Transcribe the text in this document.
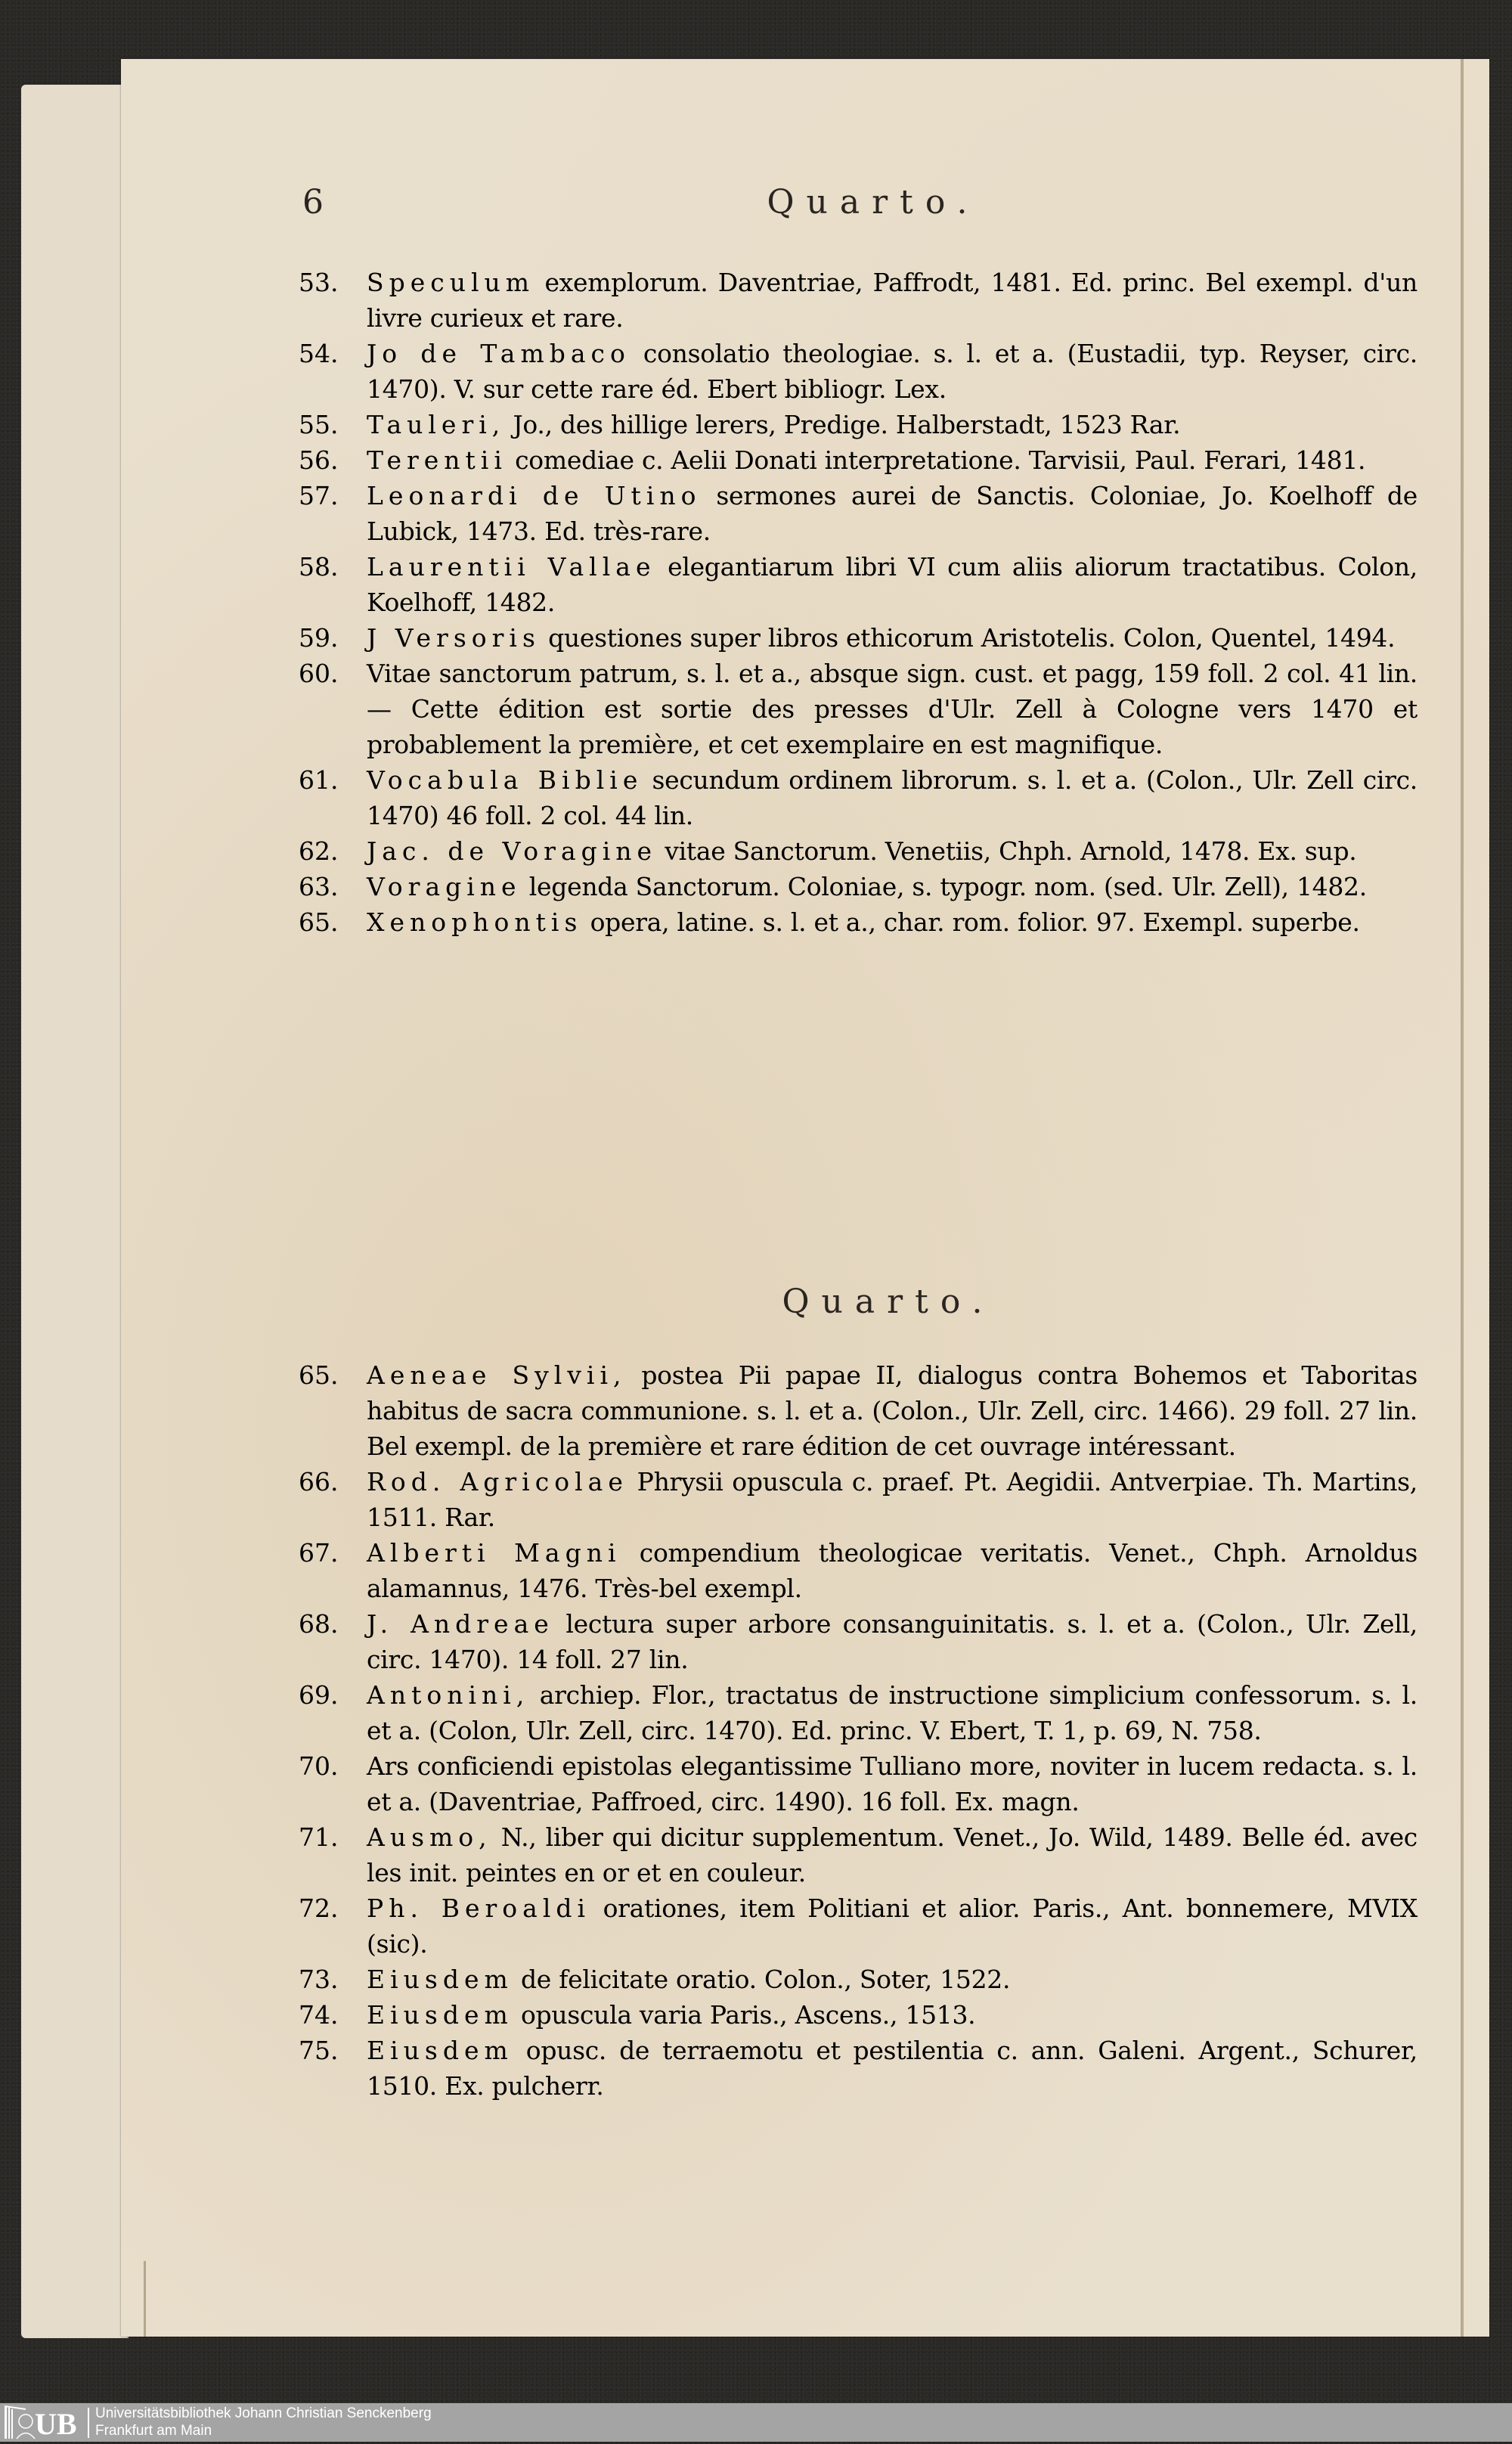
6	Quarto.
53.	Speculum exemplorum. Daventriae, Paffrodt, 1481. Ed. princ. Bel exempl. d'un livre curieux et rare.
54.	Jo de Tambaco consolatio theologiae. s. l. et a. (Eustadii, typ. Reyser, circ. 1470). V. sur cette rare éd. Ebert bibliogr. Lex.
55.	Tauleri, Jo., des hillige lerers, Predige. Halberstadt, 1523 Rar.
56.	Terentii comediae c. Aelii Donati interpretatione. Tarvisii, Paul. Ferari, 1481.
57.	Leonardi de Utino sermones aurei de Sanctis. Coloniae, Jo. Koelhoff de Lubick, 1473. Ed. très-rare.
58.	Laurentii Vallae elegantiarum libri VI cum aliis aliorum tractatibus. Colon, Koelhoff, 1482.
59.	J Versoris questiones super libros ethicorum Aristotelis. Colon, Quentel, 1494.
60.	Vitae sanctorum patrum, s. l. et a., absque sign. cust. et pagg, 159 foll. 2 col. 41 lin. — Cette édition est sortie des presses d'Ulr. Zell à Cologne vers 1470 et probablement la première, et cet exemplaire en est magnifique.
61.	Vocabula Biblie secundum ordinem librorum. s. l. et a. (Colon., Ulr. Zell circ. 1470) 46 foll. 2 col. 44 lin.
62.	Jac. de Voragine vitae Sanctorum. Venetiis, Chph. Arnold, 1478. Ex. sup.
63.	Voragine legenda Sanctorum. Coloniae, s. typogr. nom. (sed. Ulr. Zell), 1482.
65.	Xenophontis opera, latine. s. l. et a., char. rom. folior. 97. Exempl. superbe.
Quarto.
65.	Aeneae Sylvii, postea Pii papae II, dialogus contra Bohemos et Taboritas habitus de sacra communione. s. l. et a. (Colon., Ulr. Zell, circ. 1466). 29 foll. 27 lin. Bel exempl. de la première et rare édition de cet ouvrage intéressant.
66.	Rod. Agricolae Phrysii opuscula c. praef. Pt. Aegidii. Antverpiae. Th. Martins, 1511. Rar.
67.	Alberti Magni compendium theologicae veritatis. Venet., Chph. Arnoldus alamannus, 1476. Très-bel exempl.
68.	J. Andreae lectura super arbore consanguinitatis. s. l. et a. (Colon., Ulr. Zell, circ. 1470). 14 foll. 27 lin.
69.	Antonini, archiep. Flor., tractatus de instructione simplicium confessorum. s. l. et a. (Colon, Ulr. Zell, circ. 1470). Ed. princ. V. Ebert, T. 1, p. 69, N. 758.
70.	Ars conficiendi epistolas elegantissime Tulliano more, noviter in lucem redacta. s. l. et a. (Daventriae, Paffroed, circ. 1490). 16 foll. Ex. magn.
71.	Ausmo, N., liber qui dicitur supplementum. Venet., Jo. Wild, 1489. Belle éd. avec les init. peintes en or et en couleur.
72.	Ph. Beroaldi orationes, item Politiani et alior. Paris., Ant. bonnemere, MVIX (sic).
73.	Eiusdem de felicitate oratio. Colon., Soter, 1522.
74.	Eiusdem opuscula varia Paris., Ascens., 1513.
75.	Eiusdem opusc. de terraemotu et pestilentia c. ann. Galeni. Argent., Schurer, 1510. Ex. pulcherr.
UB Universitätsbibliothek Johann Christian Senckenberg
Frankfurt am Main
